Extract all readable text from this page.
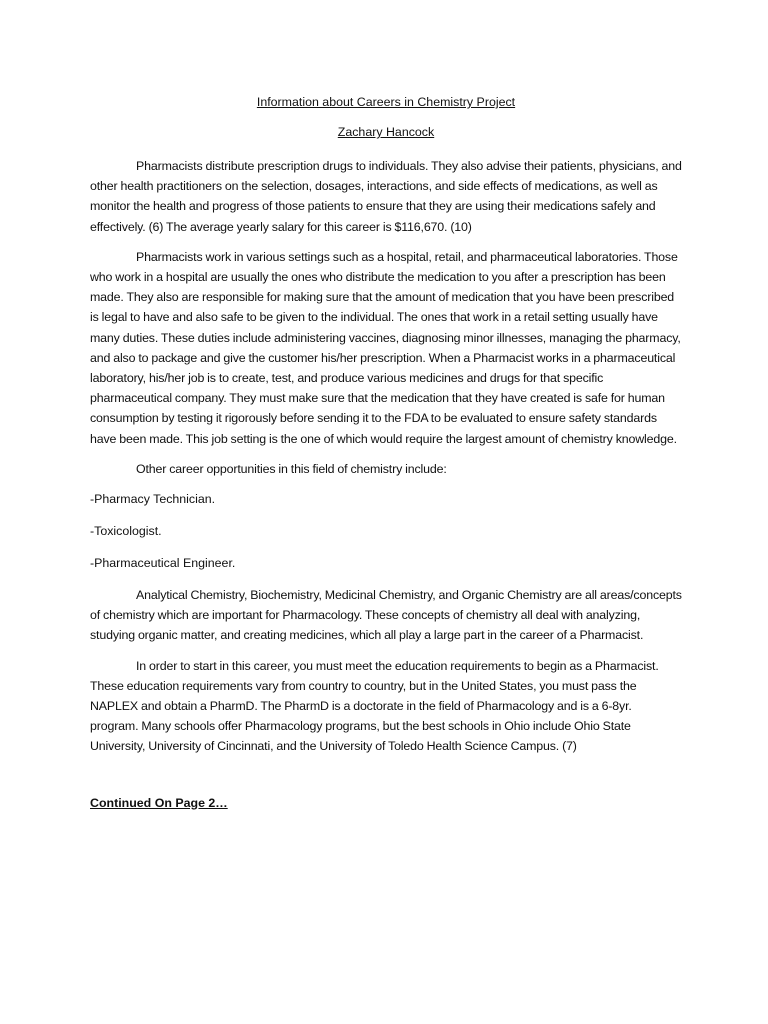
Information about Careers in Chemistry Project
Zachary Hancock

Pharmacists distribute prescription drugs to individuals. They also advise their patients, physicians, and other health practitioners on the selection, dosages, interactions, and side effects of medications, as well as monitor the health and progress of those patients to ensure that they are using their medications safely and effectively. (6) The average yearly salary for this career is $116,670. (10)

Pharmacists work in various settings such as a hospital, retail, and pharmaceutical laboratories. Those who work in a hospital are usually the ones who distribute the medication to you after a prescription has been made. They also are responsible for making sure that the amount of medication that you have been prescribed is legal to have and also safe to be given to the individual. The ones that work in a retail setting usually have many duties. These duties include administering vaccines, diagnosing minor illnesses, managing the pharmacy, and also to package and give the customer his/her prescription. When a Pharmacist works in a pharmaceutical laboratory, his/her job is to create, test, and produce various medicines and drugs for that specific pharmaceutical company. They must make sure that the medication that they have created is safe for human consumption by testing it rigorously before sending it to the FDA to be evaluated to ensure safety standards have been made. This job setting is the one of which would require the largest amount of chemistry knowledge.

Other career opportunities in this field of chemistry include:

-Pharmacy Technician.
-Toxicologist.
-Pharmaceutical Engineer.

Analytical Chemistry, Biochemistry, Medicinal Chemistry, and Organic Chemistry are all areas/concepts of chemistry which are important for Pharmacology. These concepts of chemistry all deal with analyzing, studying organic matter, and creating medicines, which all play a large part in the career of a Pharmacist.

In order to start in this career, you must meet the education requirements to begin as a Pharmacist. These education requirements vary from country to country, but in the United States, you must pass the NAPLEX and obtain a PharmD. The PharmD is a doctorate in the field of Pharmacology and is a 6-8yr. program. Many schools offer Pharmacology programs, but the best schools in Ohio include Ohio State University, University of Cincinnati, and the University of Toledo Health Science Campus. (7)

Continued On Page 2…
